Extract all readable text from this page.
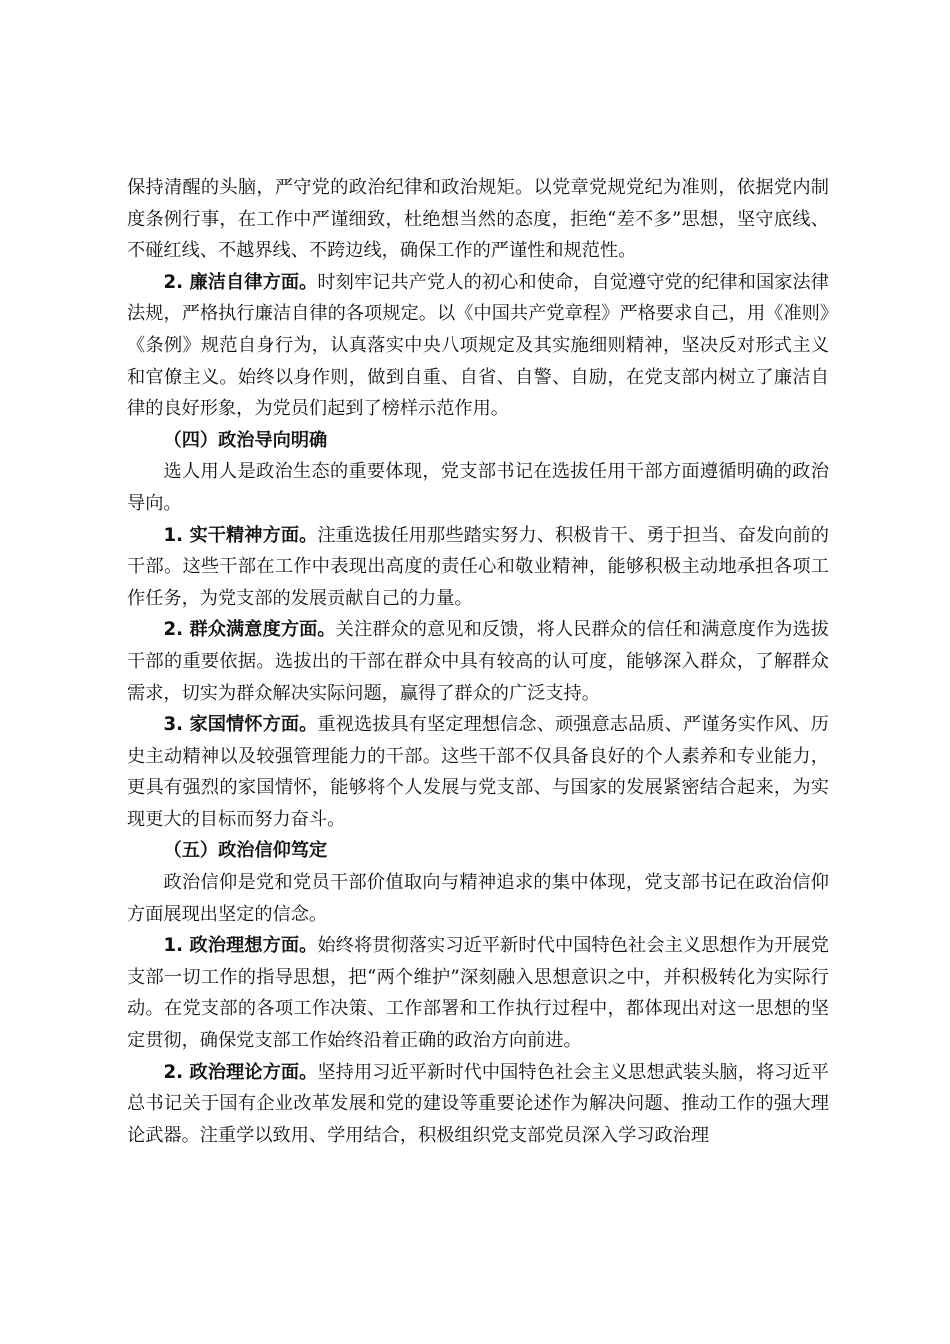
保持清醒的头脑，严守党的政治纪律和政治规矩。以党章党规党纪为准则，依据党内制度条例行事，在工作中严谨细致，杜绝想当然的态度，拒绝“差不多”思想，坚守底线、不碰红线、不越界线、不跨边线，确保工作的严谨性和规范性。

2. 廉洁自律方面。时刻牢记共产党人的初心和使命，自觉遵守党的纪律和国家法律法规，严格执行廉洁自律的各项规定。以《中国共产党章程》严格要求自己，用《准则》《条例》规范自身行为，认真落实中央八项规定及其实施细则精神，坚决反对形式主义和官僚主义。始终以身作则，做到自重、自省、自警、自励，在党支部内树立了廉洁自律的良好形象，为党员们起到了榜样示范作用。

（四）政治导向明确

选人用人是政治生态的重要体现，党支部书记在选拔任用干部方面遵循明确的政治导向。

1. 实干精神方面。注重选拔任用那些踏实努力、积极肯干、勇于担当、奋发向前的干部。这些干部在工作中表现出高度的责任心和敬业精神，能够积极主动地承担各项工作任务，为党支部的发展贡献自己的力量。

2. 群众满意度方面。关注群众的意见和反馈，将人民群众的信任和满意度作为选拔干部的重要依据。选拔出的干部在群众中具有较高的认可度，能够深入群众，了解群众需求，切实为群众解决实际问题，赢得了群众的广泛支持。

3. 家国情怀方面。重视选拔具有坚定理想信念、顽强意志品质、严谨务实作风、历史主动精神以及较强管理能力的干部。这些干部不仅具备良好的个人素养和专业能力，更具有强烈的家国情怀，能够将个人发展与党支部、与国家的发展紧密结合起来，为实现更大的目标而努力奋斗。

（五）政治信仰笃定

政治信仰是党和党员干部价值取向与精神追求的集中体现，党支部书记在政治信仰方面展现出坚定的信念。

1. 政治理想方面。始终将贯彻落实习近平新时代中国特色社会主义思想作为开展党支部一切工作的指导思想，把“两个维护”深刻融入思想意识之中，并积极转化为实际行动。在党支部的各项工作决策、工作部署和工作执行过程中，都体现出对这一思想的坚定贯彻，确保党支部工作始终沿着正确的政治方向前进。

2. 政治理论方面。坚持用习近平新时代中国特色社会主义思想武装头脑，将习近平总书记关于国有企业改革发展和党的建设等重要论述作为解决问题、推动工作的强大理论武器。注重学以致用、学用结合，积极组织党支部党员深入学习政治理
